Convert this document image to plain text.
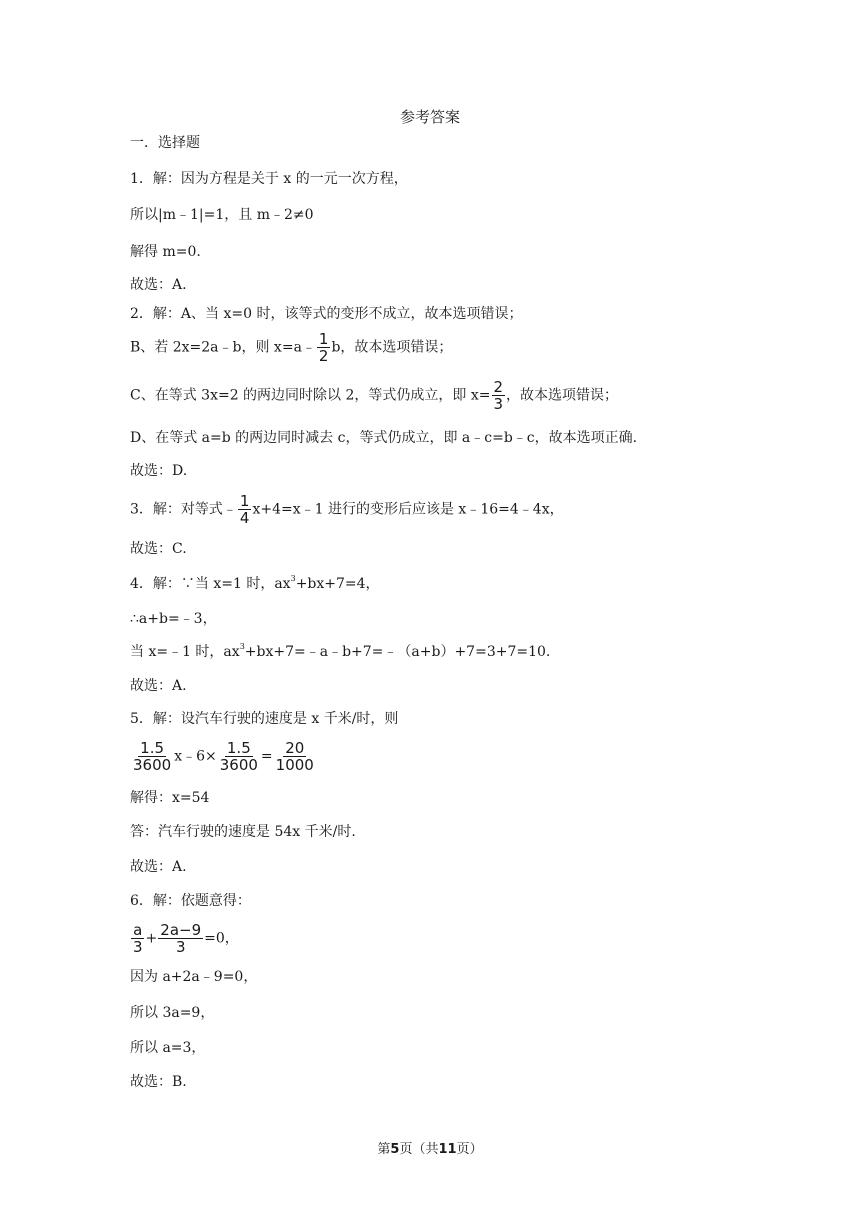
参考答案
一．选择题
1．解：因为方程是关于 x 的一元一次方程，
所以|m﹣1|=1，且 m﹣2≠0
解得 m=0.
故选：A.
2．解：A、当 x=0 时，该等式的变形不成立，故本选项错误；
B、若 2x=2a﹣b，则 x=a﹣ $\frac{1}{2}$ b，故本选项错误；
C、在等式 3x=2 的两边同时除以 2，等式仍成立，即 $x= \frac{2}{3}$ ，故本选项错误；
D、在等式 a=b 的两边同时减去 c，等式仍成立，即 a﹣c=b﹣c，故本选项正确.
故选：D.
3．解：对等式﹣ $\frac{1}{4}$ x+4=x﹣1 进行的变形后应该是 x﹣16=4﹣4x，
故选：C.
4．解：∵当 x=1 时，$ax^3+bx+7=4$，
∴a+b=﹣3，
当 x=﹣1 时，$ax^3+bx+7=﹣a﹣b+7=﹣(a+b)+7=3+7=10$.
故选：A.
5．解：设汽车行驶的速度是 x 千米/时，则
$\frac{1.5}{3600}$ x﹣6× $\frac{1.5}{3600} = \frac{20}{1000}$
解得：x=54
答：汽车行驶的速度是 54x 千米/时.
故选：A.
6．解：依题意得：
$\frac{a}{3} + \frac{2a-9}{3} =0$，
因为 a+2a﹣9=0，
所以 3a=9，
所以 a=3，
故选：B.
第5页（共11页）
